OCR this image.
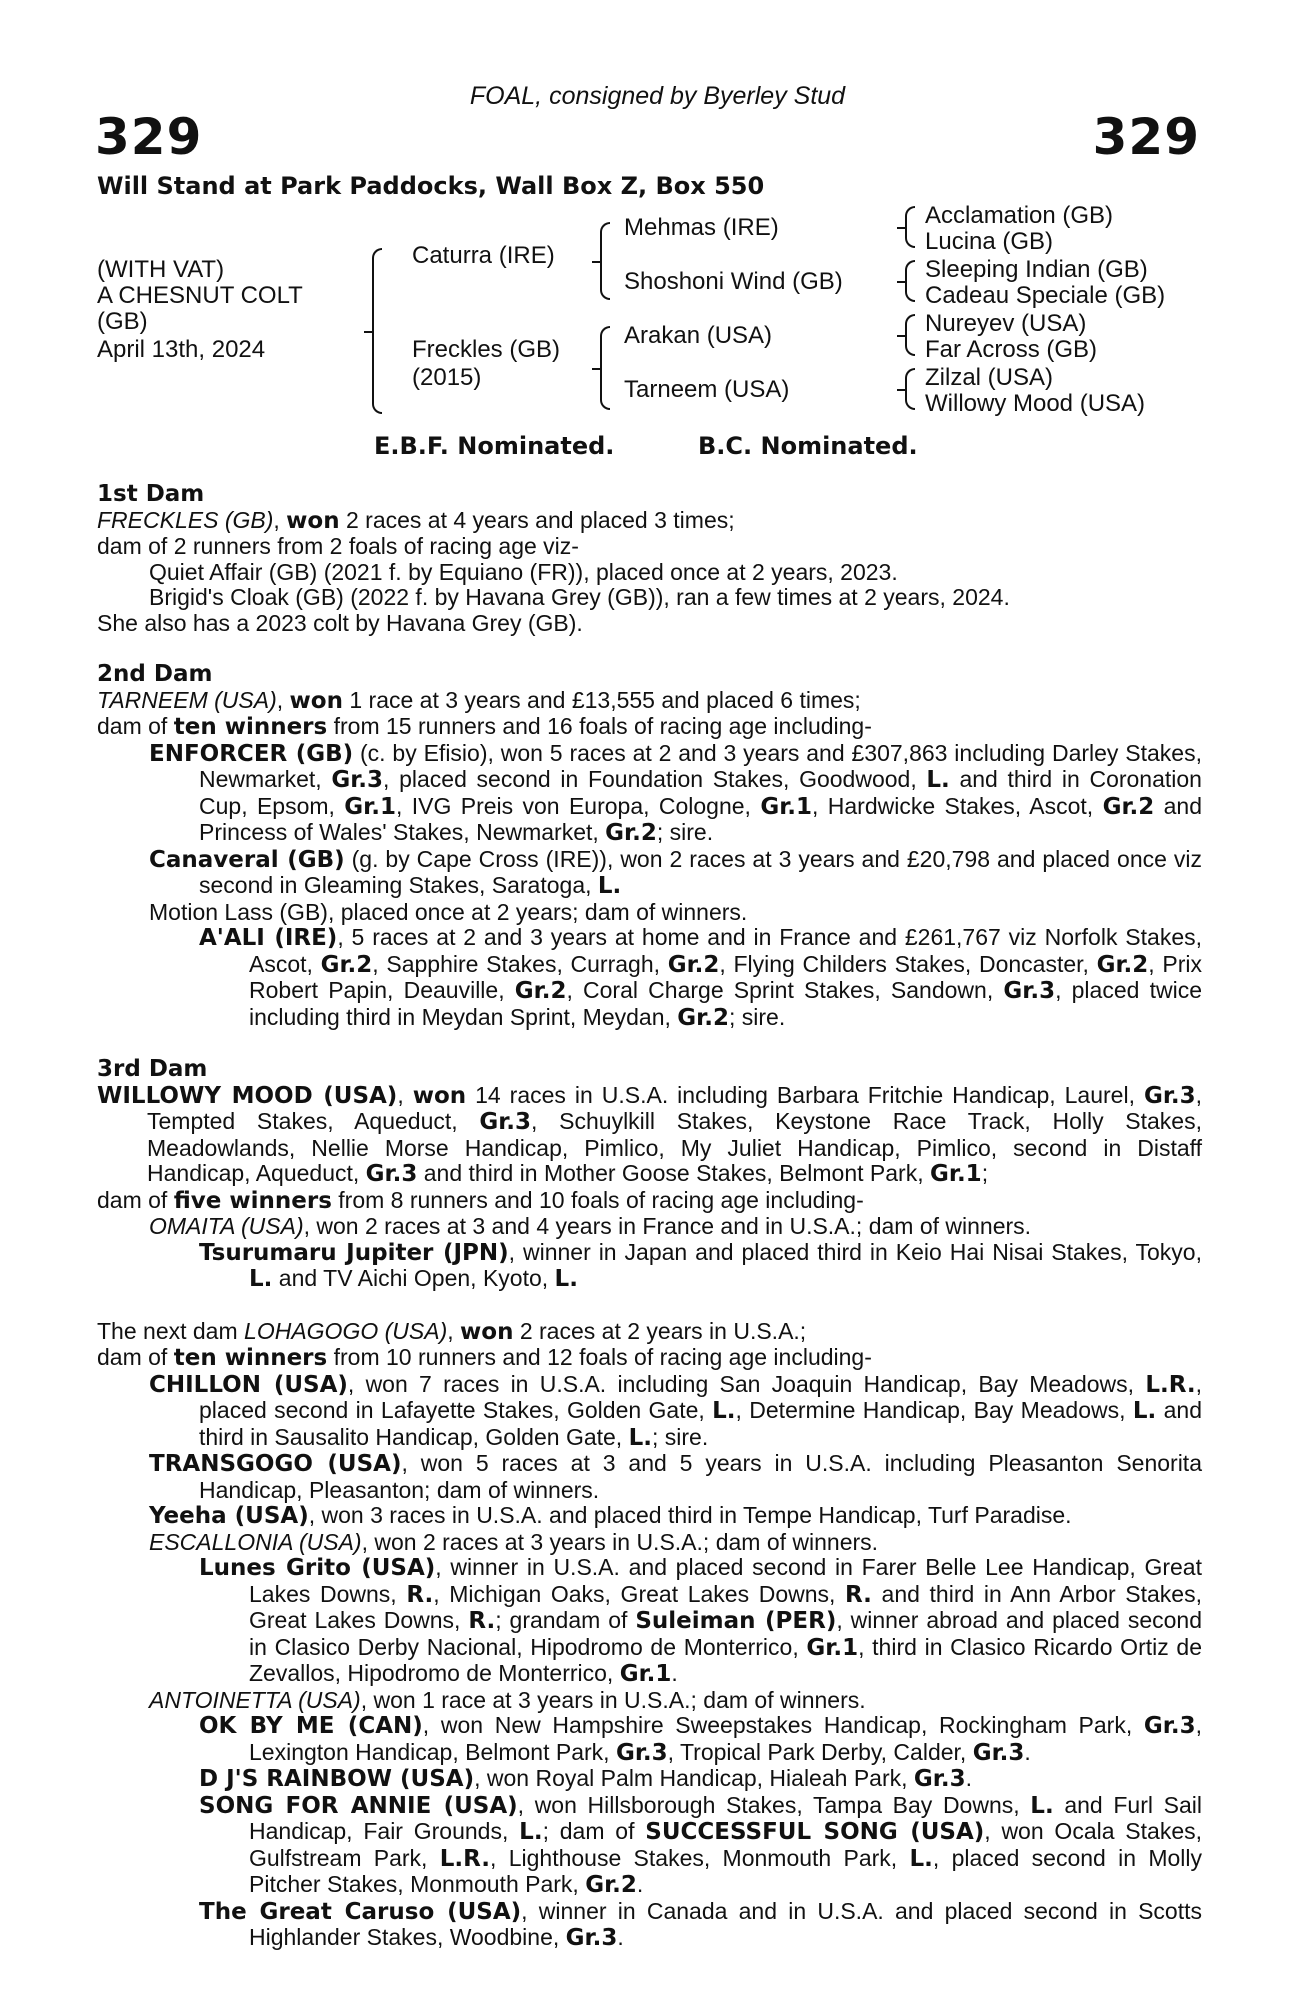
329	329
FOAL, consigned by Byerley Stud
Will Stand at Park Paddocks, Wall Box Z, Box 550
(WITH VAT)
A CHESNUT COLT
(GB)
April 13th, 2024
Caturra (IRE)
Freckles (GB)
(2015)
Mehmas (IRE)
Shoshoni Wind (GB)
Arakan (USA)
Tarneem (USA)
Acclamation (GB)
Lucina (GB)
Sleeping Indian (GB)
Cadeau Speciale (GB)
Nureyev (USA)
Far Across (GB)
Zilzal (USA)
Willowy Mood (USA)
E.B.F. Nominated.	B.C. Nominated.

1st Dam

FRECKLES (GB), won 2 races at 4 years and placed 3 times;

dam of 2 runners from 2 foals of racing age viz-

Quiet Affair (GB) (2021 f. by Equiano (FR)), placed once at 2 years, 2023.

Brigid's Cloak (GB) (2022 f. by Havana Grey (GB)), ran a few times at 2 years, 2024.

She also has a 2023 colt by Havana Grey (GB).

2nd Dam

TARNEEM (USA), won 1 race at 3 years and £13,555 and placed 6 times;

dam of ten winners from 15 runners and 16 foals of racing age including-

ENFORCER (GB) (c. by Efisio), won 5 races at 2 and 3 years and £307,863 including Darley Stakes, Newmarket, Gr.3, placed second in Foundation Stakes, Goodwood, L. and third in Coronation Cup, Epsom, Gr.1, IVG Preis von Europa, Cologne, Gr.1, Hardwicke Stakes, Ascot, Gr.2 and Princess of Wales' Stakes, Newmarket, Gr.2; sire.

Canaveral (GB) (g. by Cape Cross (IRE)), won 2 races at 3 years and £20,798 and placed once viz second in Gleaming Stakes, Saratoga, L.

Motion Lass (GB), placed once at 2 years; dam of winners.

A'ALI (IRE), 5 races at 2 and 3 years at home and in France and £261,767 viz Norfolk Stakes, Ascot, Gr.2, Sapphire Stakes, Curragh, Gr.2, Flying Childers Stakes, Doncaster, Gr.2, Prix Robert Papin, Deauville, Gr.2, Coral Charge Sprint Stakes, Sandown, Gr.3, placed twice including third in Meydan Sprint, Meydan, Gr.2; sire.

3rd Dam

WILLOWY MOOD (USA), won 14 races in U.S.A. including Barbara Fritchie Handicap, Laurel, Gr.3, Tempted Stakes, Aqueduct, Gr.3, Schuylkill Stakes, Keystone Race Track, Holly Stakes, Meadowlands, Nellie Morse Handicap, Pimlico, My Juliet Handicap, Pimlico, second in Distaff Handicap, Aqueduct, Gr.3 and third in Mother Goose Stakes, Belmont Park, Gr.1;

dam of five winners from 8 runners and 10 foals of racing age including-

OMAITA (USA), won 2 races at 3 and 4 years in France and in U.S.A.; dam of winners.

Tsurumaru Jupiter (JPN), winner in Japan and placed third in Keio Hai Nisai Stakes, Tokyo, L. and TV Aichi Open, Kyoto, L.

The next dam LOHAGOGO (USA), won 2 races at 2 years in U.S.A.;

dam of ten winners from 10 runners and 12 foals of racing age including-

CHILLON (USA), won 7 races in U.S.A. including San Joaquin Handicap, Bay Meadows, L.R., placed second in Lafayette Stakes, Golden Gate, L., Determine Handicap, Bay Meadows, L. and third in Sausalito Handicap, Golden Gate, L.; sire.

TRANSGOGO (USA), won 5 races at 3 and 5 years in U.S.A. including Pleasanton Senorita Handicap, Pleasanton; dam of winners.

Yeeha (USA), won 3 races in U.S.A. and placed third in Tempe Handicap, Turf Paradise.

ESCALLONIA (USA), won 2 races at 3 years in U.S.A.; dam of winners.

Lunes Grito (USA), winner in U.S.A. and placed second in Farer Belle Lee Handicap, Great Lakes Downs, R., Michigan Oaks, Great Lakes Downs, R. and third in Ann Arbor Stakes, Great Lakes Downs, R.; grandam of Suleiman (PER), winner abroad and placed second in Clasico Derby Nacional, Hipodromo de Monterrico, Gr.1, third in Clasico Ricardo Ortiz de Zevallos, Hipodromo de Monterrico, Gr.1.

ANTOINETTA (USA), won 1 race at 3 years in U.S.A.; dam of winners.

OK BY ME (CAN), won New Hampshire Sweepstakes Handicap, Rockingham Park, Gr.3, Lexington Handicap, Belmont Park, Gr.3, Tropical Park Derby, Calder, Gr.3.

D J'S RAINBOW (USA), won Royal Palm Handicap, Hialeah Park, Gr.3.

SONG FOR ANNIE (USA), won Hillsborough Stakes, Tampa Bay Downs, L. and Furl Sail Handicap, Fair Grounds, L.; dam of SUCCESSFUL SONG (USA), won Ocala Stakes, Gulfstream Park, L.R., Lighthouse Stakes, Monmouth Park, L., placed second in Molly Pitcher Stakes, Monmouth Park, Gr.2.

The Great Caruso (USA), winner in Canada and in U.S.A. and placed second in Scotts Highlander Stakes, Woodbine, Gr.3.
